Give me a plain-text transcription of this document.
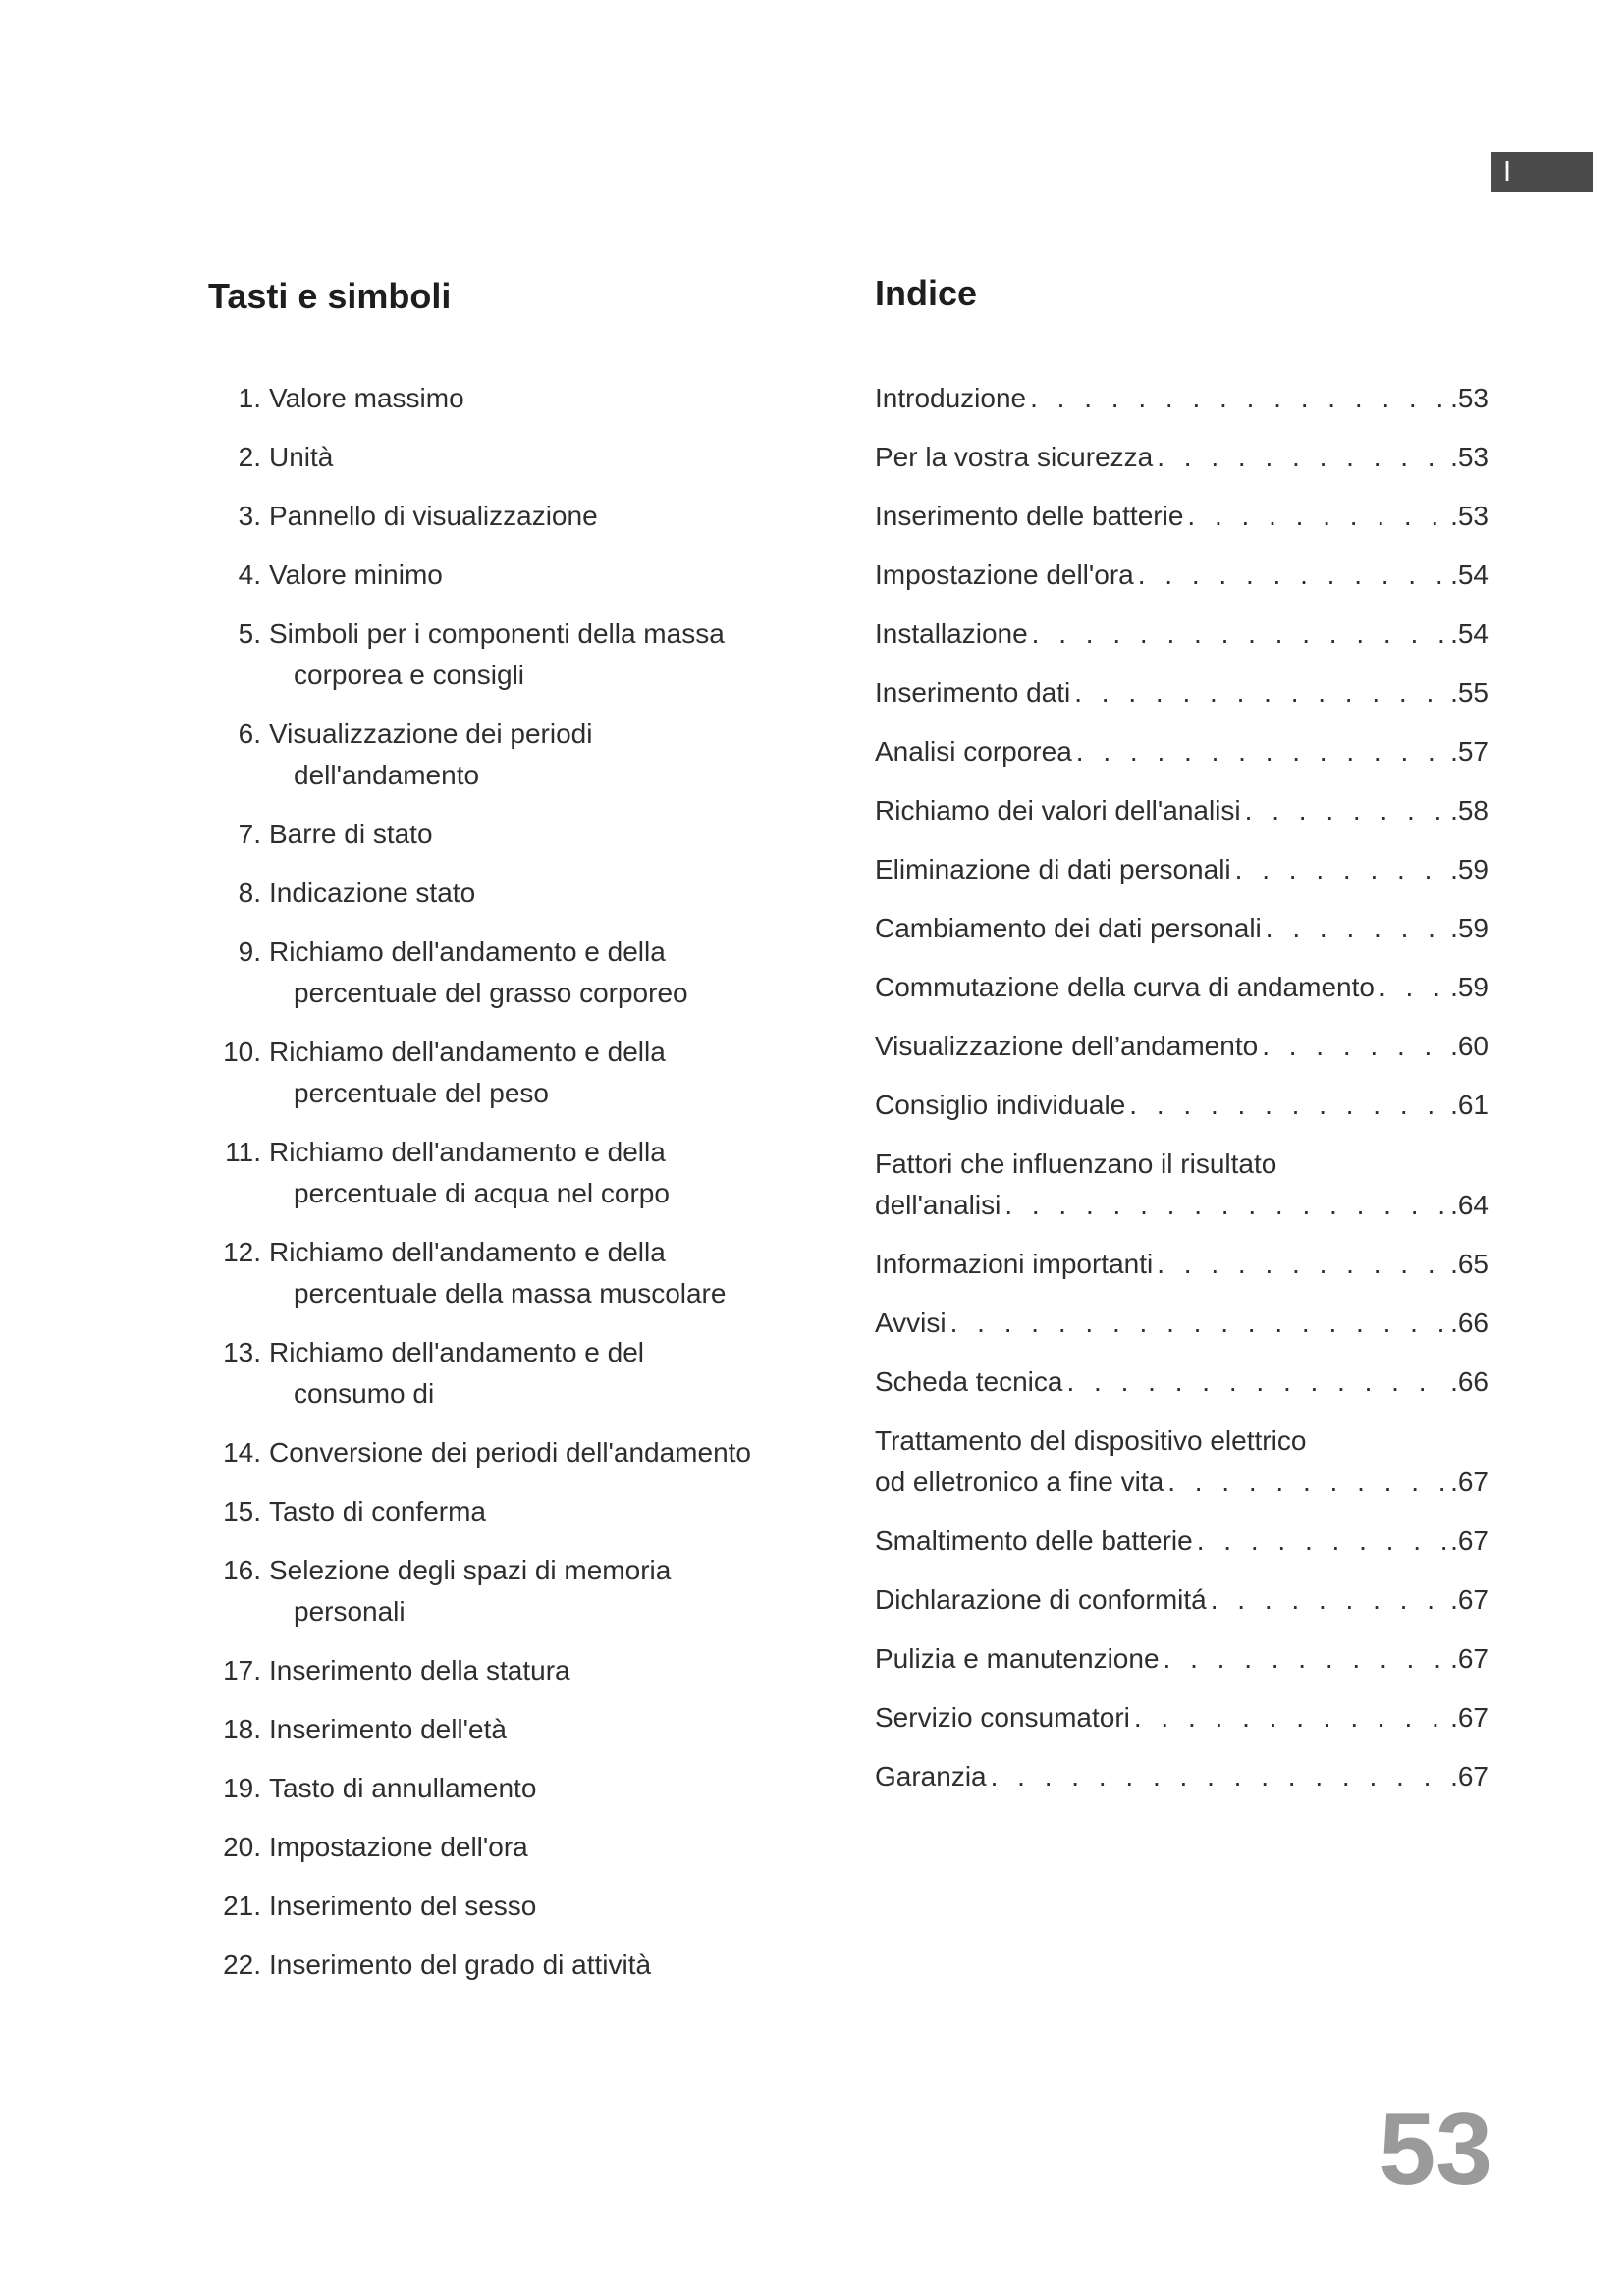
I
Tasti e simboli	Indice
1. Valore massimo
2. Unità
3. Pannello di visualizzazione
4. Valore minimo
5. Simboli per i componenti della massa
corporea e consigli
6. Visualizzazione dei periodi
dell'andamento
7. Barre di stato
8. Indicazione stato
9. Richiamo dell'andamento e della
percentuale del grasso corporeo
10. Richiamo dell'andamento e della
percentuale del peso
11. Richiamo dell'andamento e della
percentuale di acqua nel corpo
12. Richiamo dell'andamento e della
percentuale della massa muscolare
13. Richiamo dell'andamento e del
consumo di
14. Conversione dei periodi dell'andamento
15. Tasto di conferma
16. Selezione degli spazi di memoria
personali
17. Inserimento della statura
18. Inserimento dell'età
19. Tasto di annullamento
20. Impostazione dell'ora
21. Inserimento del sesso
22. Inserimento del grado di attività
Introduzione . . .	.53
Per la vostra sicurezza . . .	.53
Inserimento delle batterie . . .	.53
Impostazione dell'ora . . .	.54
Installazione . . .	.54
Inserimento dati . . .	.55
Analisi corporea . . .	.57
Richiamo dei valori dell'analisi . . .	.58
Eliminazione di dati personali . . .	.59
Cambiamento dei dati personali . . .	.59
Commutazione della curva di andamento . . .	.59
Visualizzazione dell’andamento . . .	.60
Consiglio individuale . . .	.61
Fattori che influenzano il risultato
dell'analisi . . .	.64
Informazioni importanti . . .	.65
Avvisi . . .	.66
Scheda tecnica . . .	.66
Trattamento del dispositivo elettrico
od elletronico a fine vita . . .	.67
Smaltimento delle batterie . . .	.67
Dichlarazione di conformitá . . .	.67
Pulizia e manutenzione . . .	.67
Servizio consumatori . . .	.67
Garanzia . . .	.67
53
